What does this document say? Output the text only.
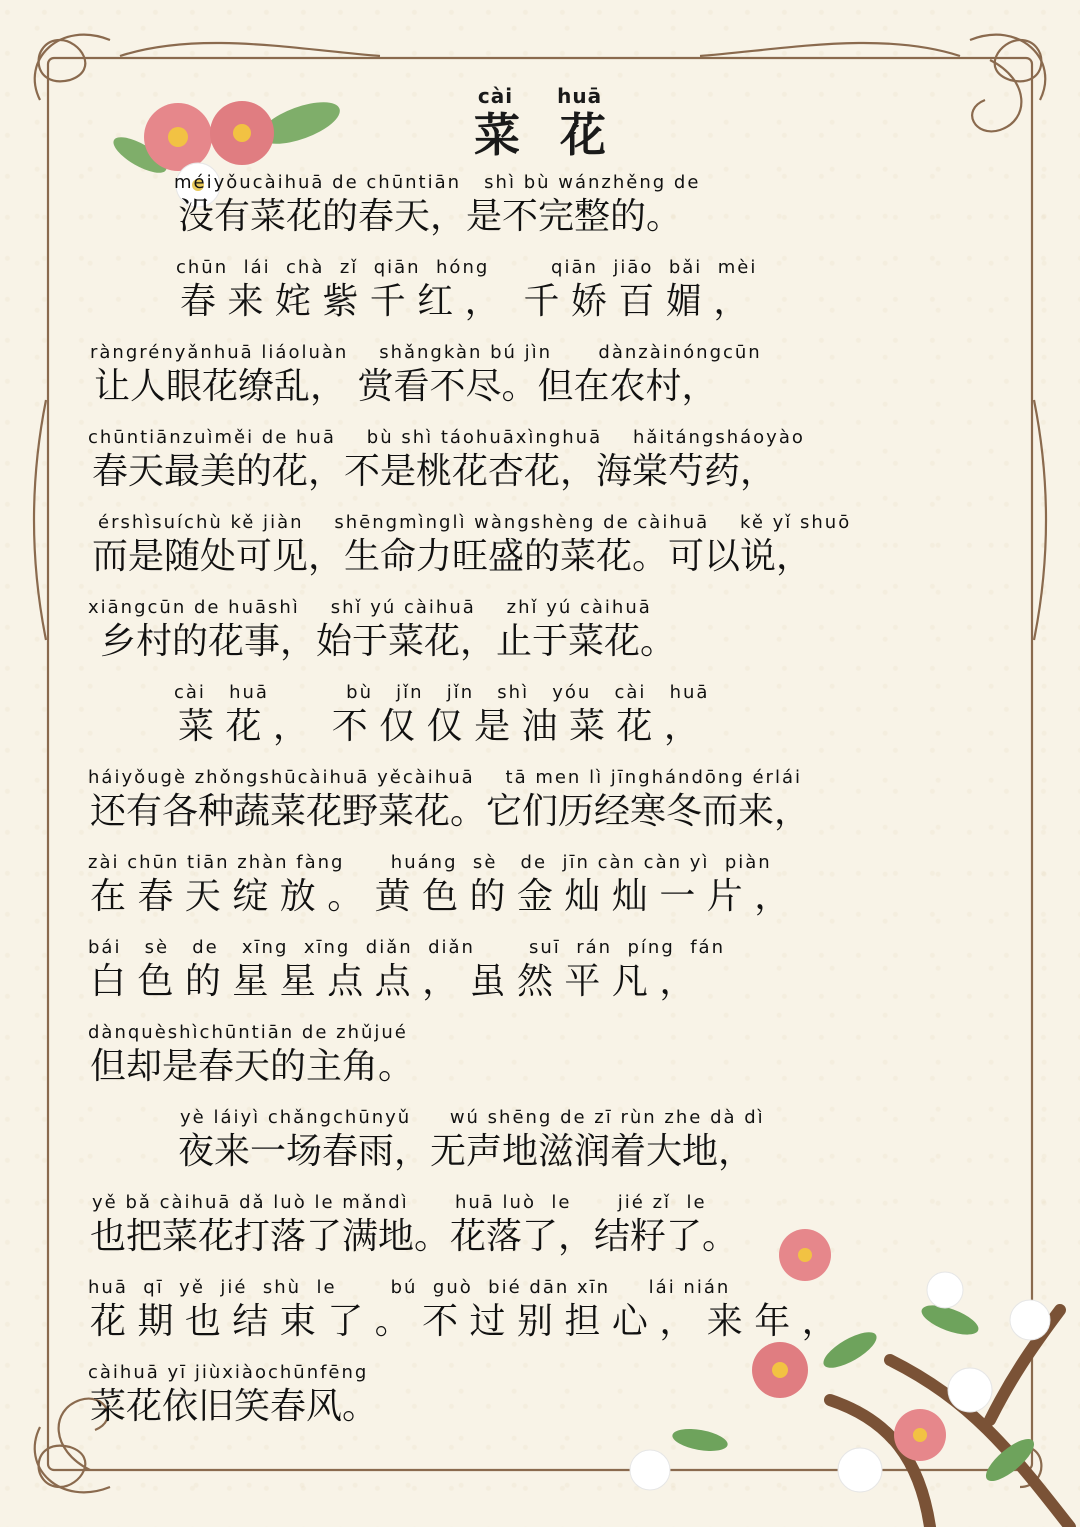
cài huā
菜 花
méiyǒucàihuā de chūntiān   shì bù wánzhěng de
没有菜花的春天，是不完整的。
chūn  lái  chà  zǐ  qiān  hóng        qiān  jiāo  bǎi  mèi
春 来 姹 紫 千 红 ，  千 娇 百 媚 ，
ràngrényǎnhuā liáoluàn    shǎngkàn bú jìn      dànzàinóngcūn
让人眼花缭乱， 赏看不尽。但在农村，
chūntiānzuìměi de huā    bù shì táohuāxìnghuā    hǎitángsháoyào
春天最美的花，不是桃花杏花，海棠芍药，
érshìsuíchù kě jiàn    shēngmìnglì wàngshèng de càihuā    kě yǐ shuō
而是随处可见，生命力旺盛的菜花。可以说，
xiāngcūn de huāshì    shǐ yú càihuā    zhǐ yú càihuā
乡村的花事，始于菜花，止于菜花。
cài   huā          bù   jǐn   jǐn   shì   yóu   cài   huā
菜 花 ，  不 仅 仅 是 油 菜 花 ，
háiyǒugè zhǒngshūcàihuā yěcàihuā    tā men lì jīnghándōng érlái
还有各种蔬菜花野菜花。它们历经寒冬而来，
zài chūn tiān zhàn fàng      huáng  sè   de  jīn càn càn yì  piàn
在 春 天 绽 放 。 黄 色 的 金 灿 灿 一 片 ，
bái   sè   de   xīng  xīng  diǎn  diǎn       suī  rán  píng  fán
白 色 的 星 星 点 点 ， 虽 然 平 凡 ，
dànquèshìchūntiān de zhǔjué
但却是春天的主角。
yè láiyì chǎngchūnyǔ     wú shēng de zī rùn zhe dà dì
夜来一场春雨，无声地滋润着大地，
yě bǎ càihuā dǎ luò le mǎndì      huā luò  le      jié zǐ  le
也把菜花打落了满地。花落了，结籽了。
huā  qī  yě  jié  shù  le       bú  guò  bié dān xīn     lái nián
花 期 也 结 束 了 。 不 过 别 担 心 ， 来 年 ，
càihuā yī jiùxiàochūnfēng
菜花依旧笑春风。
